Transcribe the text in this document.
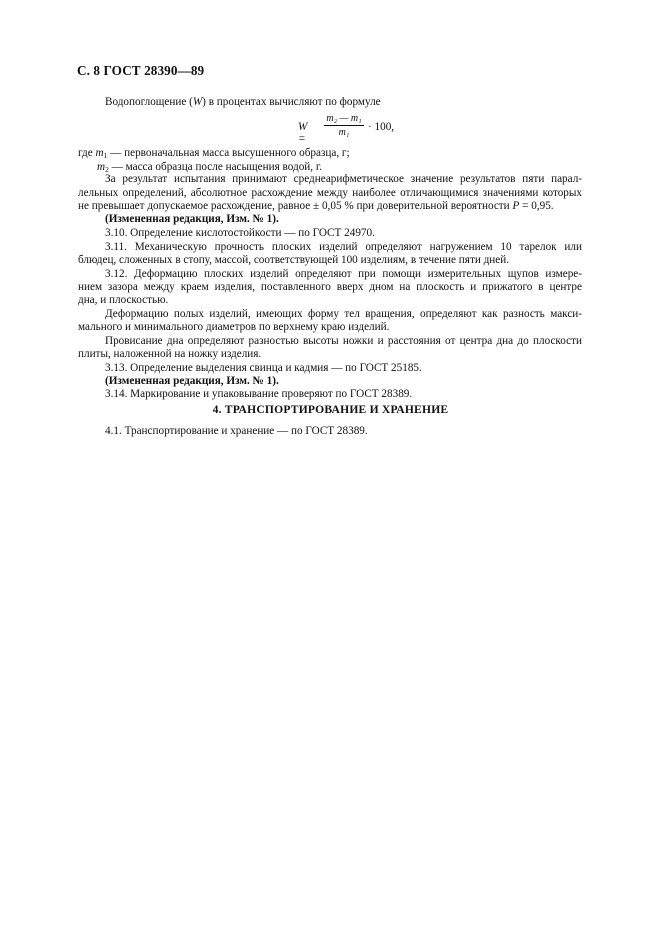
С. 8 ГОСТ 28390—89
Водопоглощение (W) в процентах вычисляют по формуле
W =
m₂ — m₁
m₁	· 100,
где $m_1$ — первоначальная масса высушенного образца, г;
$m_2$ — масса образца после насыщения водой, г.
За результат испытания принимают среднеарифметическое значение результатов пяти парал-
лельных определений, абсолютное расхождение между наиболее отличающимися значениями которых
не превышает допускаемое расхождение, равное ± 0,05 % при доверительной вероятности Р = 0,95.
(Измененная редакция, Изм. № 1).
3.10. Определение кислотостойкости — по ГОСТ 24970.
3.11. Механическую прочность плоских изделий определяют нагружением 10 тарелок или
блюдец, сложенных в стопу, массой, соответствующей 100 изделиям, в течение пяти дней.
3.12. Деформацию плоских изделий определяют при помощи измерительных щупов измере-
нием зазора между краем изделия, поставленного вверх дном на плоскость и прижатого в центре
дна, и плоскостью.
Деформацию полых изделий, имеющих форму тел вращения, определяют как разность макси-
мального и минимального диаметров по верхнему краю изделий.
Провисание дна определяют разностью высоты ножки и расстояния от центра дна до плоскости
плиты, наложенной на ножку изделия.
3.13. Определение выделения свинца и кадмия — по ГОСТ 25185.
(Измененная редакция, Изм. № 1).
3.14. Маркирование и упаковывание проверяют по ГОСТ 28389.
4. ТРАНСПОРТИРОВАНИЕ И ХРАНЕНИЕ
4.1. Транспортирование и хранение — по ГОСТ 28389.
